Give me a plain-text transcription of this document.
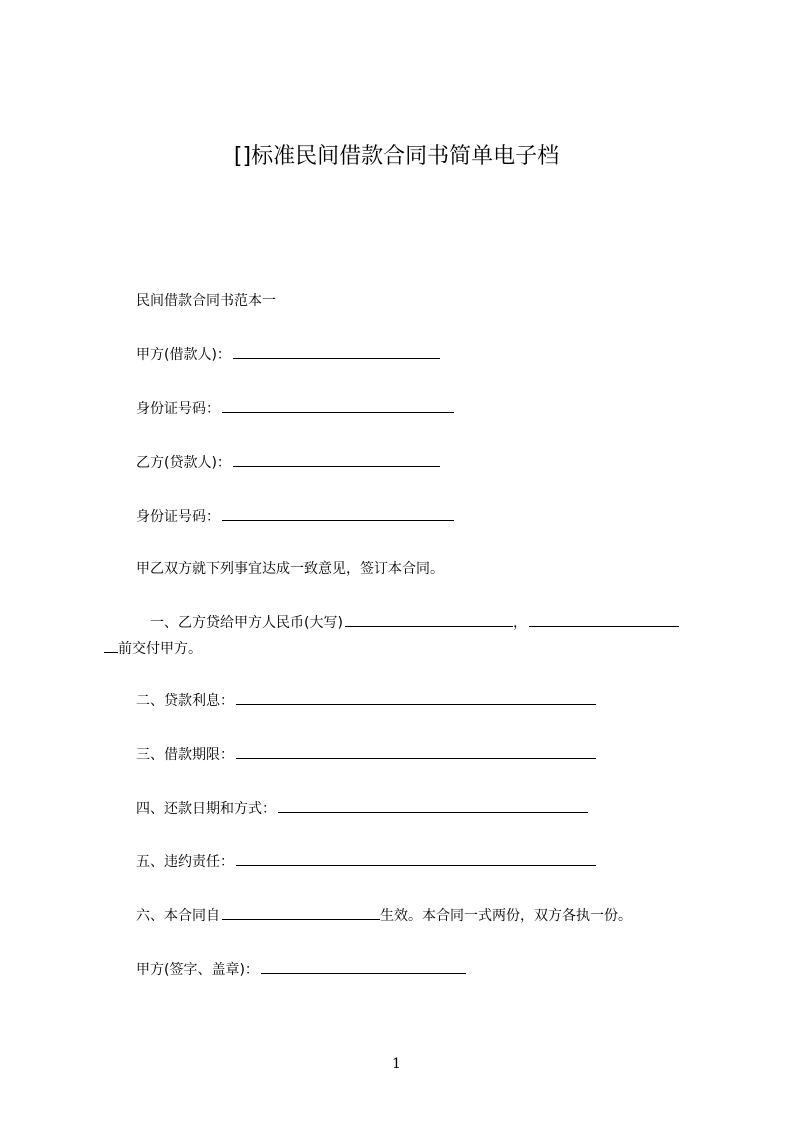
[]标准民间借款合同书简单电子档
民间借款合同书范本一
甲方(借款人)：
身份证号码：
乙方(贷款人)：
身份证号码：
甲乙双方就下列事宜达成一致意见，签订本合同。
一、乙方贷给甲方人民币(大写)	，
前交付甲方。
二、贷款利息：
三、借款期限：
四、还款日期和方式：
五、违约责任：
六、本合同自	生效。本合同一式两份，双方各执一份。
甲方(签字、盖章)：
1
